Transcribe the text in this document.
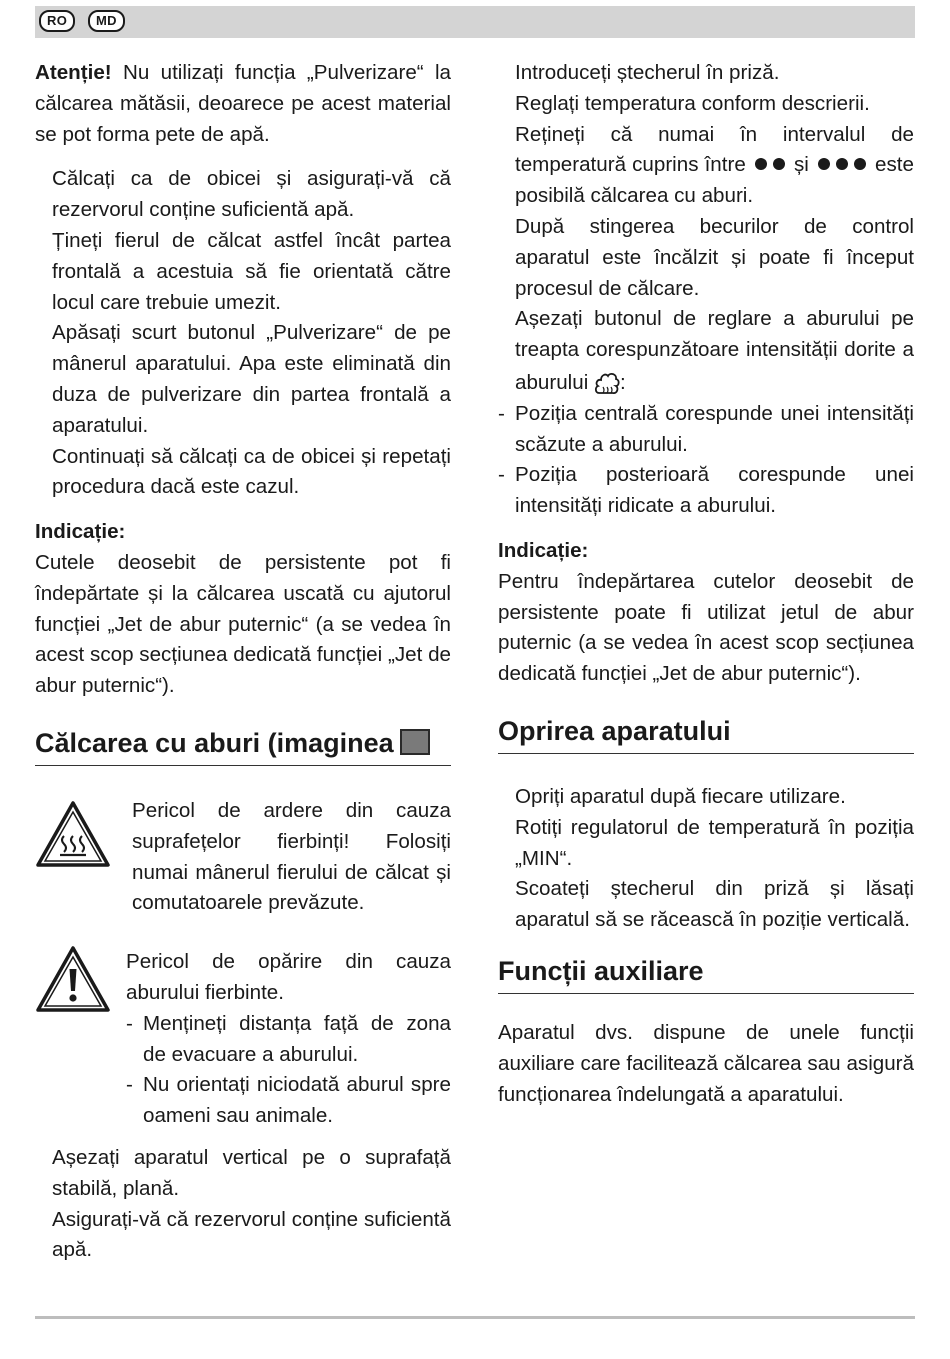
RO	MD

Atenție! Nu utilizați funcția „Pulverizare“ la călcarea mătăsii, deoarece pe acest material se pot forma pete de apă.

Călcați ca de obicei și asigurați-vă că rezervorul conține suficientă apă.

Țineți fierul de călcat astfel încât partea frontală a acestuia să fie orientată către locul care trebuie umezit.

Apăsați scurt butonul „Pulverizare“ de pe mânerul aparatului. Apa este eliminată din duza de pulverizare din partea frontală a aparatului.

Continuați să călcați ca de obicei și repetați procedura dacă este cazul.

Indicație:

Cutele deosebit de persistente pot fi îndepărtate și la călcarea uscată cu ajutorul funcției „Jet de abur puternic“ (a se vedea în acest scop secțiunea dedicată funcției „Jet de abur puternic“).

Călcarea cu aburi (imaginea

Pericol de ardere din cauza suprafețelor fierbinți! Folosiți numai mânerul fierului de călcat și comutatoarele prevăzute.

Pericol de opărire din cauza aburului fierbinte.

- Mențineți distanța față de zona de evacuare a aburului.
- Nu orientați niciodată aburul spre oameni sau animale.

Așezați aparatul vertical pe o suprafață stabilă, plană.

Asigurați-vă că rezervorul conține suficientă apă.

Introduceți ștecherul în priză.

Reglați temperatura conform descrierii.

Rețineți că numai în intervalul de temperatură cuprins între și	este posibilă călcarea cu aburi.

După stingerea becurilor de control aparatul este încălzit și poate fi început procesul de călcare.

Așezați butonul de reglare a aburului pe treapta corespunzătoare intensității dorite a aburului :

- Poziția centrală corespunde unei intensități scăzute a aburului.
- Poziția posterioară corespunde unei intensități ridicate a aburului.

Indicație:

Pentru îndepărtarea cutelor deosebit de persistente poate fi utilizat jetul de abur puternic (a se vedea în acest scop secțiunea dedicată funcției „Jet de abur puternic“).

Oprirea aparatului

Opriți aparatul după fiecare utilizare.

Rotiți regulatorul de temperatură în poziția „MIN“.

Scoateți ștecherul din priză și lăsați aparatul să se răcească în poziție verticală.

Funcții auxiliare

Aparatul dvs. dispune de unele funcții auxiliare care facilitează călcarea sau asigură funcționarea îndelungată a aparatului.
